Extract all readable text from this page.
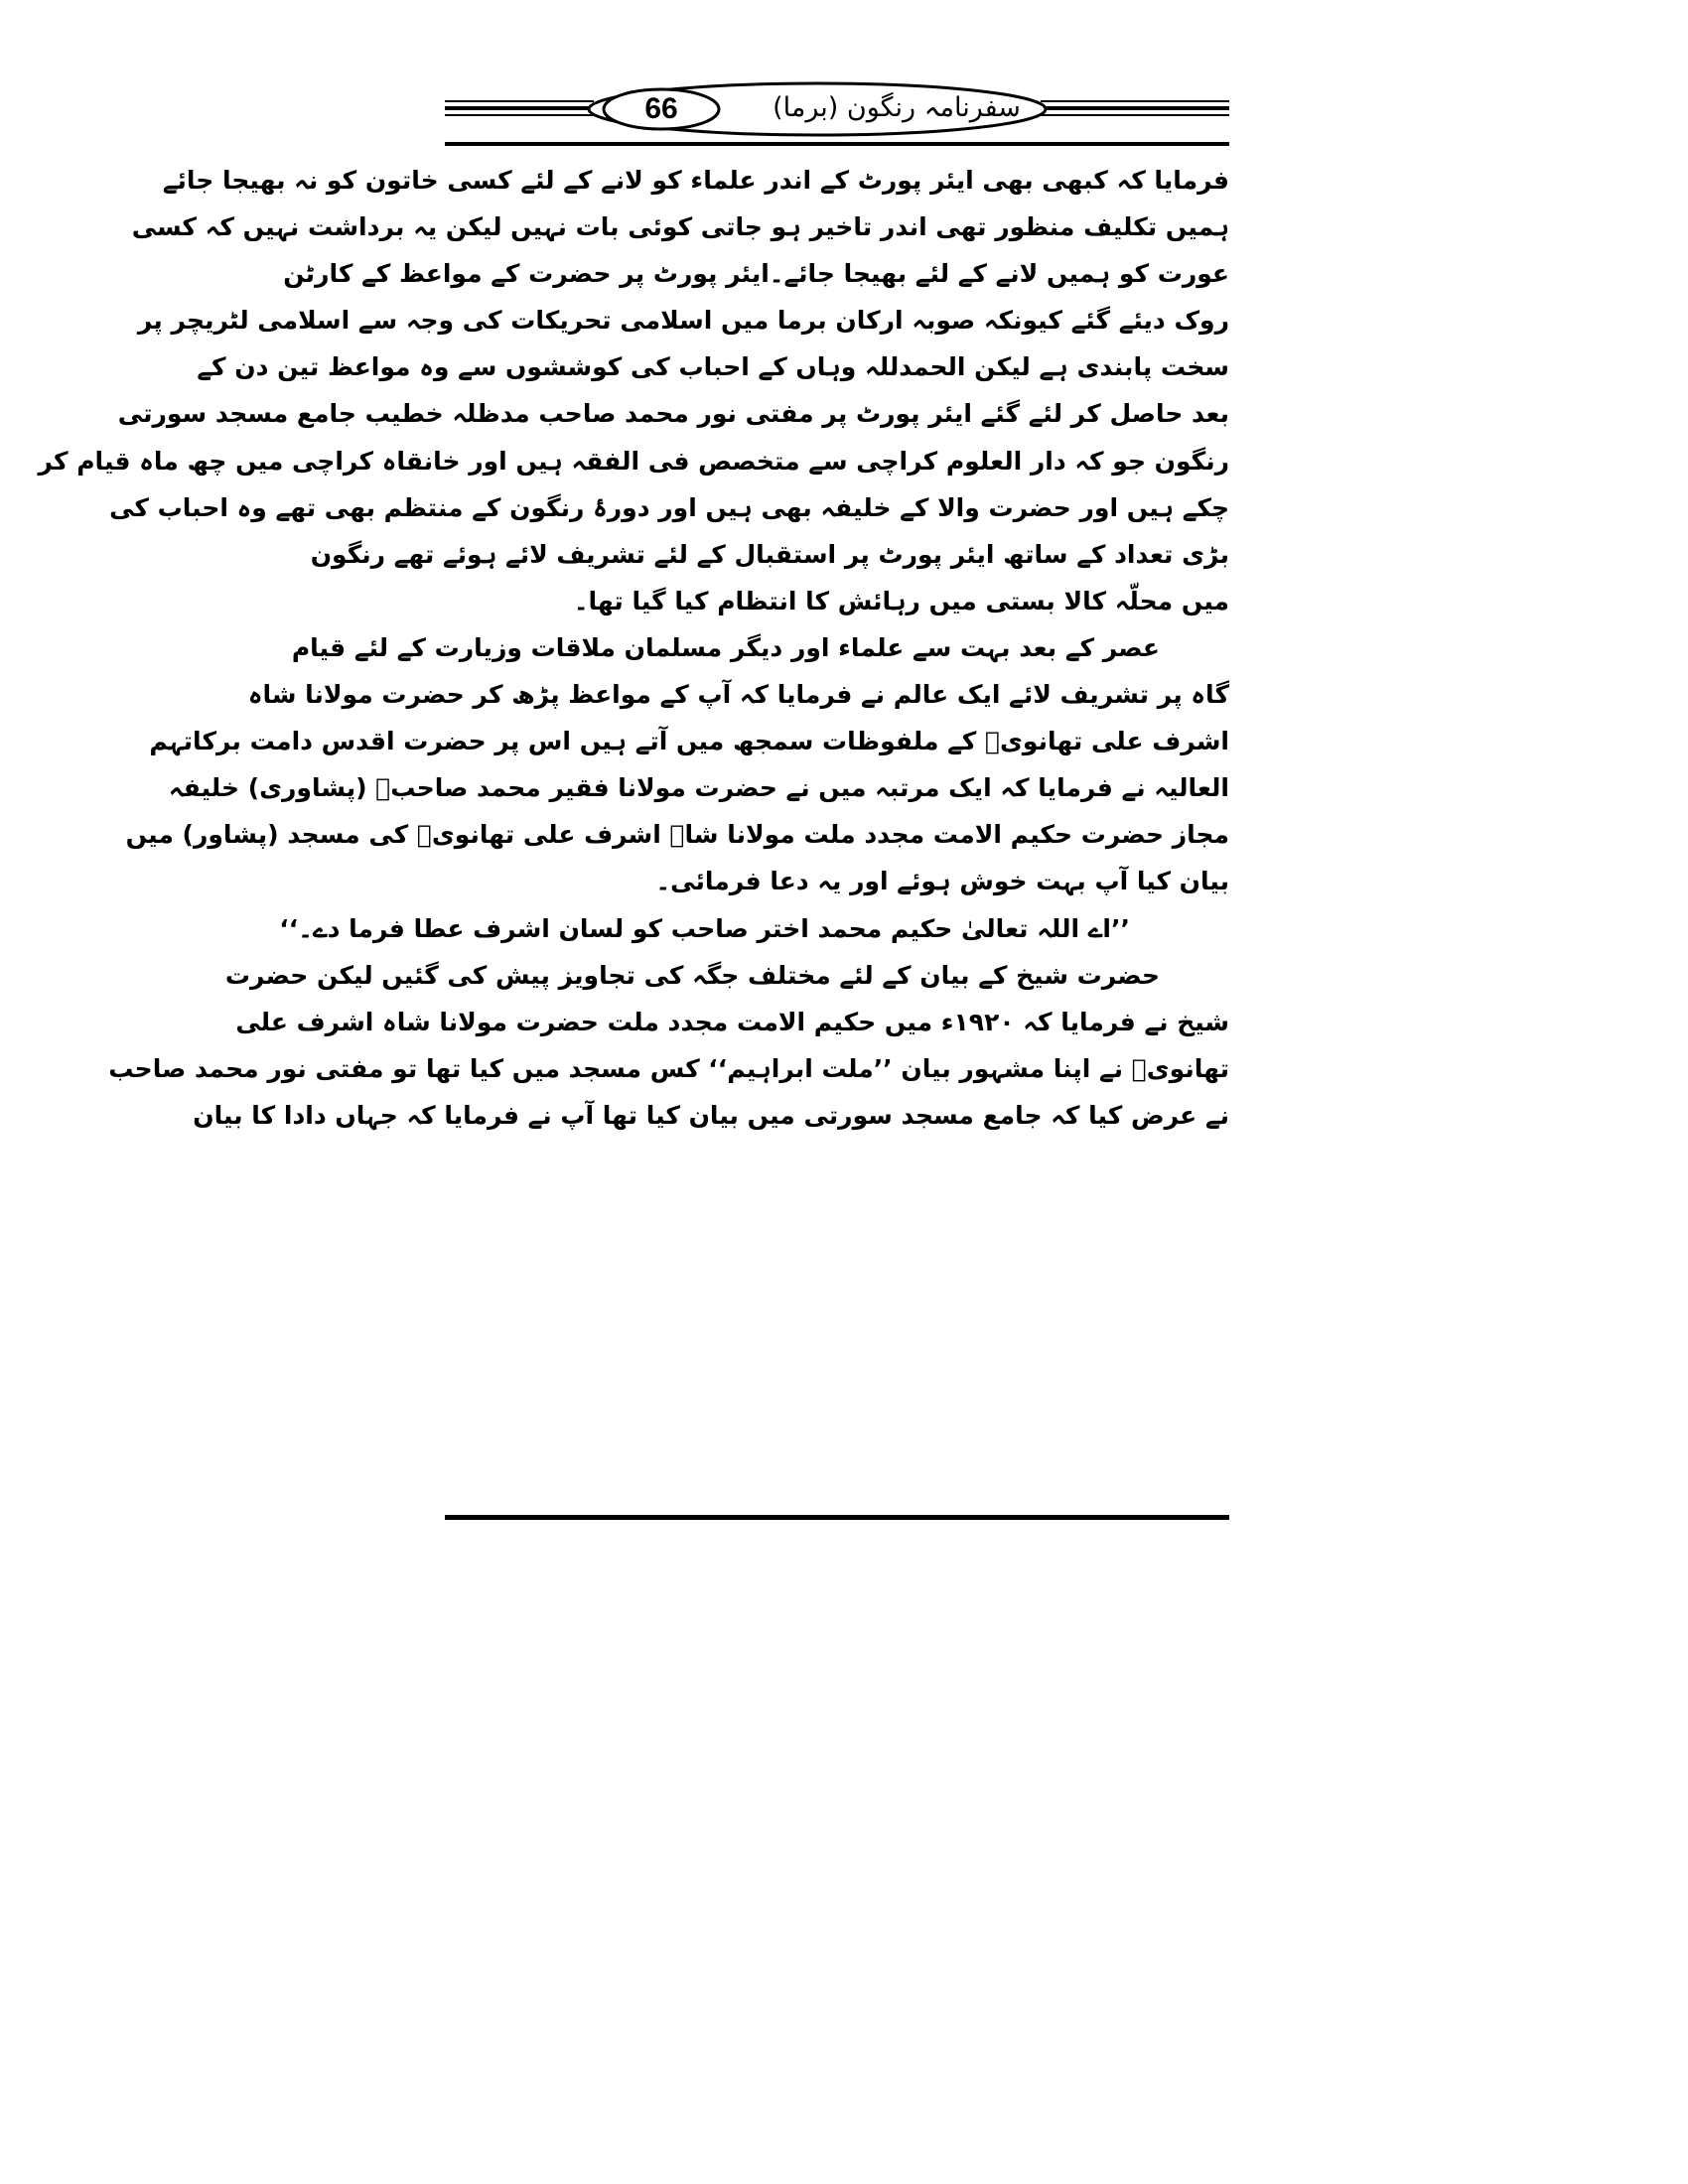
66	سفرنامہ رنگون (برما)
فرمایا کہ کبھی بھی ایئر پورٹ کے اندر علماء کو لانے کے لئے کسی خاتون کو نہ بھیجا جائے
ہمیں تکلیف منظور تھی اندر تاخیر ہو جاتی کوئی بات نہیں لیکن یہ برداشت نہیں کہ کسی
عورت کو ہمیں لانے کے لئے بھیجا جائے۔ایئر پورٹ پر حضرت کے مواعظ کے کارٹن
روک دیئے گئے کیونکہ صوبہ ارکان برما میں اسلامی تحریکات کی وجہ سے اسلامی لٹریچر پر
سخت پابندی ہے لیکن الحمدللہ وہاں کے احباب کی کوششوں سے وہ مواعظ تین دن کے
بعد حاصل کر لئے گئے ایئر پورٹ پر مفتی نور محمد صاحب مدظلہ خطیب جامع مسجد سورتی
رنگون جو کہ دار العلوم کراچی سے متخصص فی الفقہ ہیں اور خانقاہ کراچی میں چھ ماہ قیام کر
چکے ہیں اور حضرت والا کے خلیفہ بھی ہیں اور دورۂ رنگون کے منتظم بھی تھے وہ احباب کی
بڑی تعداد کے ساتھ ایئر پورٹ پر استقبال کے لئے تشریف لائے ہوئے تھے رنگون
میں محلّہ کالا بستی میں رہائش کا انتظام کیا گیا تھا۔
عصر کے بعد بہت سے علماء اور دیگر مسلمان ملاقات وزیارت کے لئے قیام
گاہ پر تشریف لائے ایک عالم نے فرمایا کہ آپ کے مواعظ پڑھ کر حضرت مولانا شاہ
اشرف علی تھانویؒ کے ملفوظات سمجھ میں آتے ہیں اس پر حضرت اقدس دامت برکاتہم
العالیہ نے فرمایا کہ ایک مرتبہ میں نے حضرت مولانا فقیر محمد صاحبؒ (پشاوری) خلیفہ
مجاز حضرت حکیم الامت مجدد ملت مولانا شاہ اشرف علی تھانویؒ کی مسجد (پشاور) میں
بیان کیا آپ بہت خوش ہوئے اور یہ دعا فرمائی۔
’’اے اللہ تعالیٰ حکیم محمد اختر صاحب کو لسان اشرف عطا فرما دے۔‘‘
حضرت شیخ کے بیان کے لئے مختلف جگہ کی تجاویز پیش کی گئیں لیکن حضرت
شیخ نے فرمایا کہ ۱۹۲۰ء میں حکیم الامت مجدد ملت حضرت مولانا شاہ اشرف علی
تھانویؒ نے اپنا مشہور بیان ’’ملت ابراہیم‘‘ کس مسجد میں کیا تھا تو مفتی نور محمد صاحب
نے عرض کیا کہ جامع مسجد سورتی میں بیان کیا تھا آپ نے فرمایا کہ جہاں دادا کا بیان
